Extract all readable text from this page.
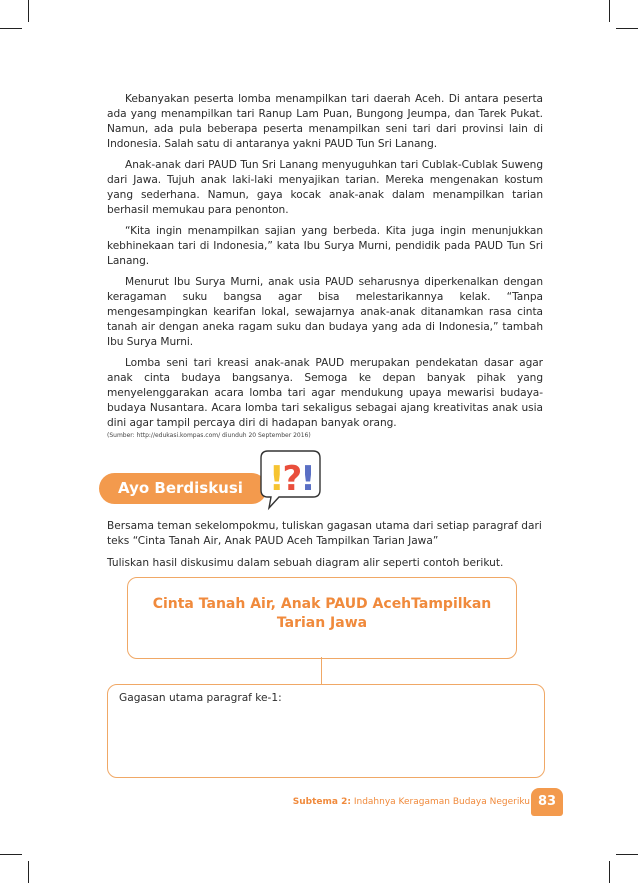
Kebanyakan peserta lomba menampilkan tari daerah Aceh. Di antara peserta ada yang menampilkan tari Ranup Lam Puan, Bungong Jeumpa, dan Tarek Pukat. Namun, ada pula beberapa peserta menampilkan seni tari dari provinsi lain di Indonesia. Salah satu di antaranya yakni PAUD Tun Sri Lanang.

Anak-anak dari PAUD Tun Sri Lanang menyuguhkan tari Cublak-Cublak Suweng dari Jawa. Tujuh anak laki-laki menyajikan tarian. Mereka mengenakan kostum yang sederhana. Namun, gaya kocak anak-anak dalam menampilkan tarian berhasil memukau para penonton.

“Kita ingin menampilkan sajian yang berbeda. Kita juga ingin menunjukkan kebhinekaan tari di Indonesia,” kata Ibu Surya Murni, pendidik pada PAUD Tun Sri Lanang.

Menurut Ibu Surya Murni, anak usia PAUD seharusnya diperkenalkan dengan keragaman suku bangsa agar bisa melestarikannya kelak. “Tanpa mengesampingkan kearifan lokal, sewajarnya anak-anak ditanamkan rasa cinta tanah air dengan aneka ragam suku dan budaya yang ada di Indonesia,” tambah Ibu Surya Murni.

Lomba seni tari kreasi anak-anak PAUD merupakan pendekatan dasar agar anak cinta budaya bangsanya. Semoga ke depan banyak pihak yang menyelenggarakan acara lomba tari agar mendukung upaya mewarisi budaya-budaya Nusantara. Acara lomba tari sekaligus sebagai ajang kreativitas anak usia dini agar tampil percaya diri di hadapan banyak orang.

(Sumber: http://edukasi.kompas.com/ diunduh 20 September 2016)
Ayo Berdiskusi !?!
Bersama teman sekelompokmu, tuliskan gagasan utama dari setiap paragraf dari teks “Cinta Tanah Air, Anak PAUD Aceh Tampilkan Tarian Jawa”
Tuliskan hasil diskusimu dalam sebuah diagram alir seperti contoh berikut.
Cinta Tanah Air, Anak PAUD AcehTampilkan Tarian Jawa
Gagasan utama paragraf ke-1:
Subtema 2: Indahnya Keragaman Budaya Negeriku 83
